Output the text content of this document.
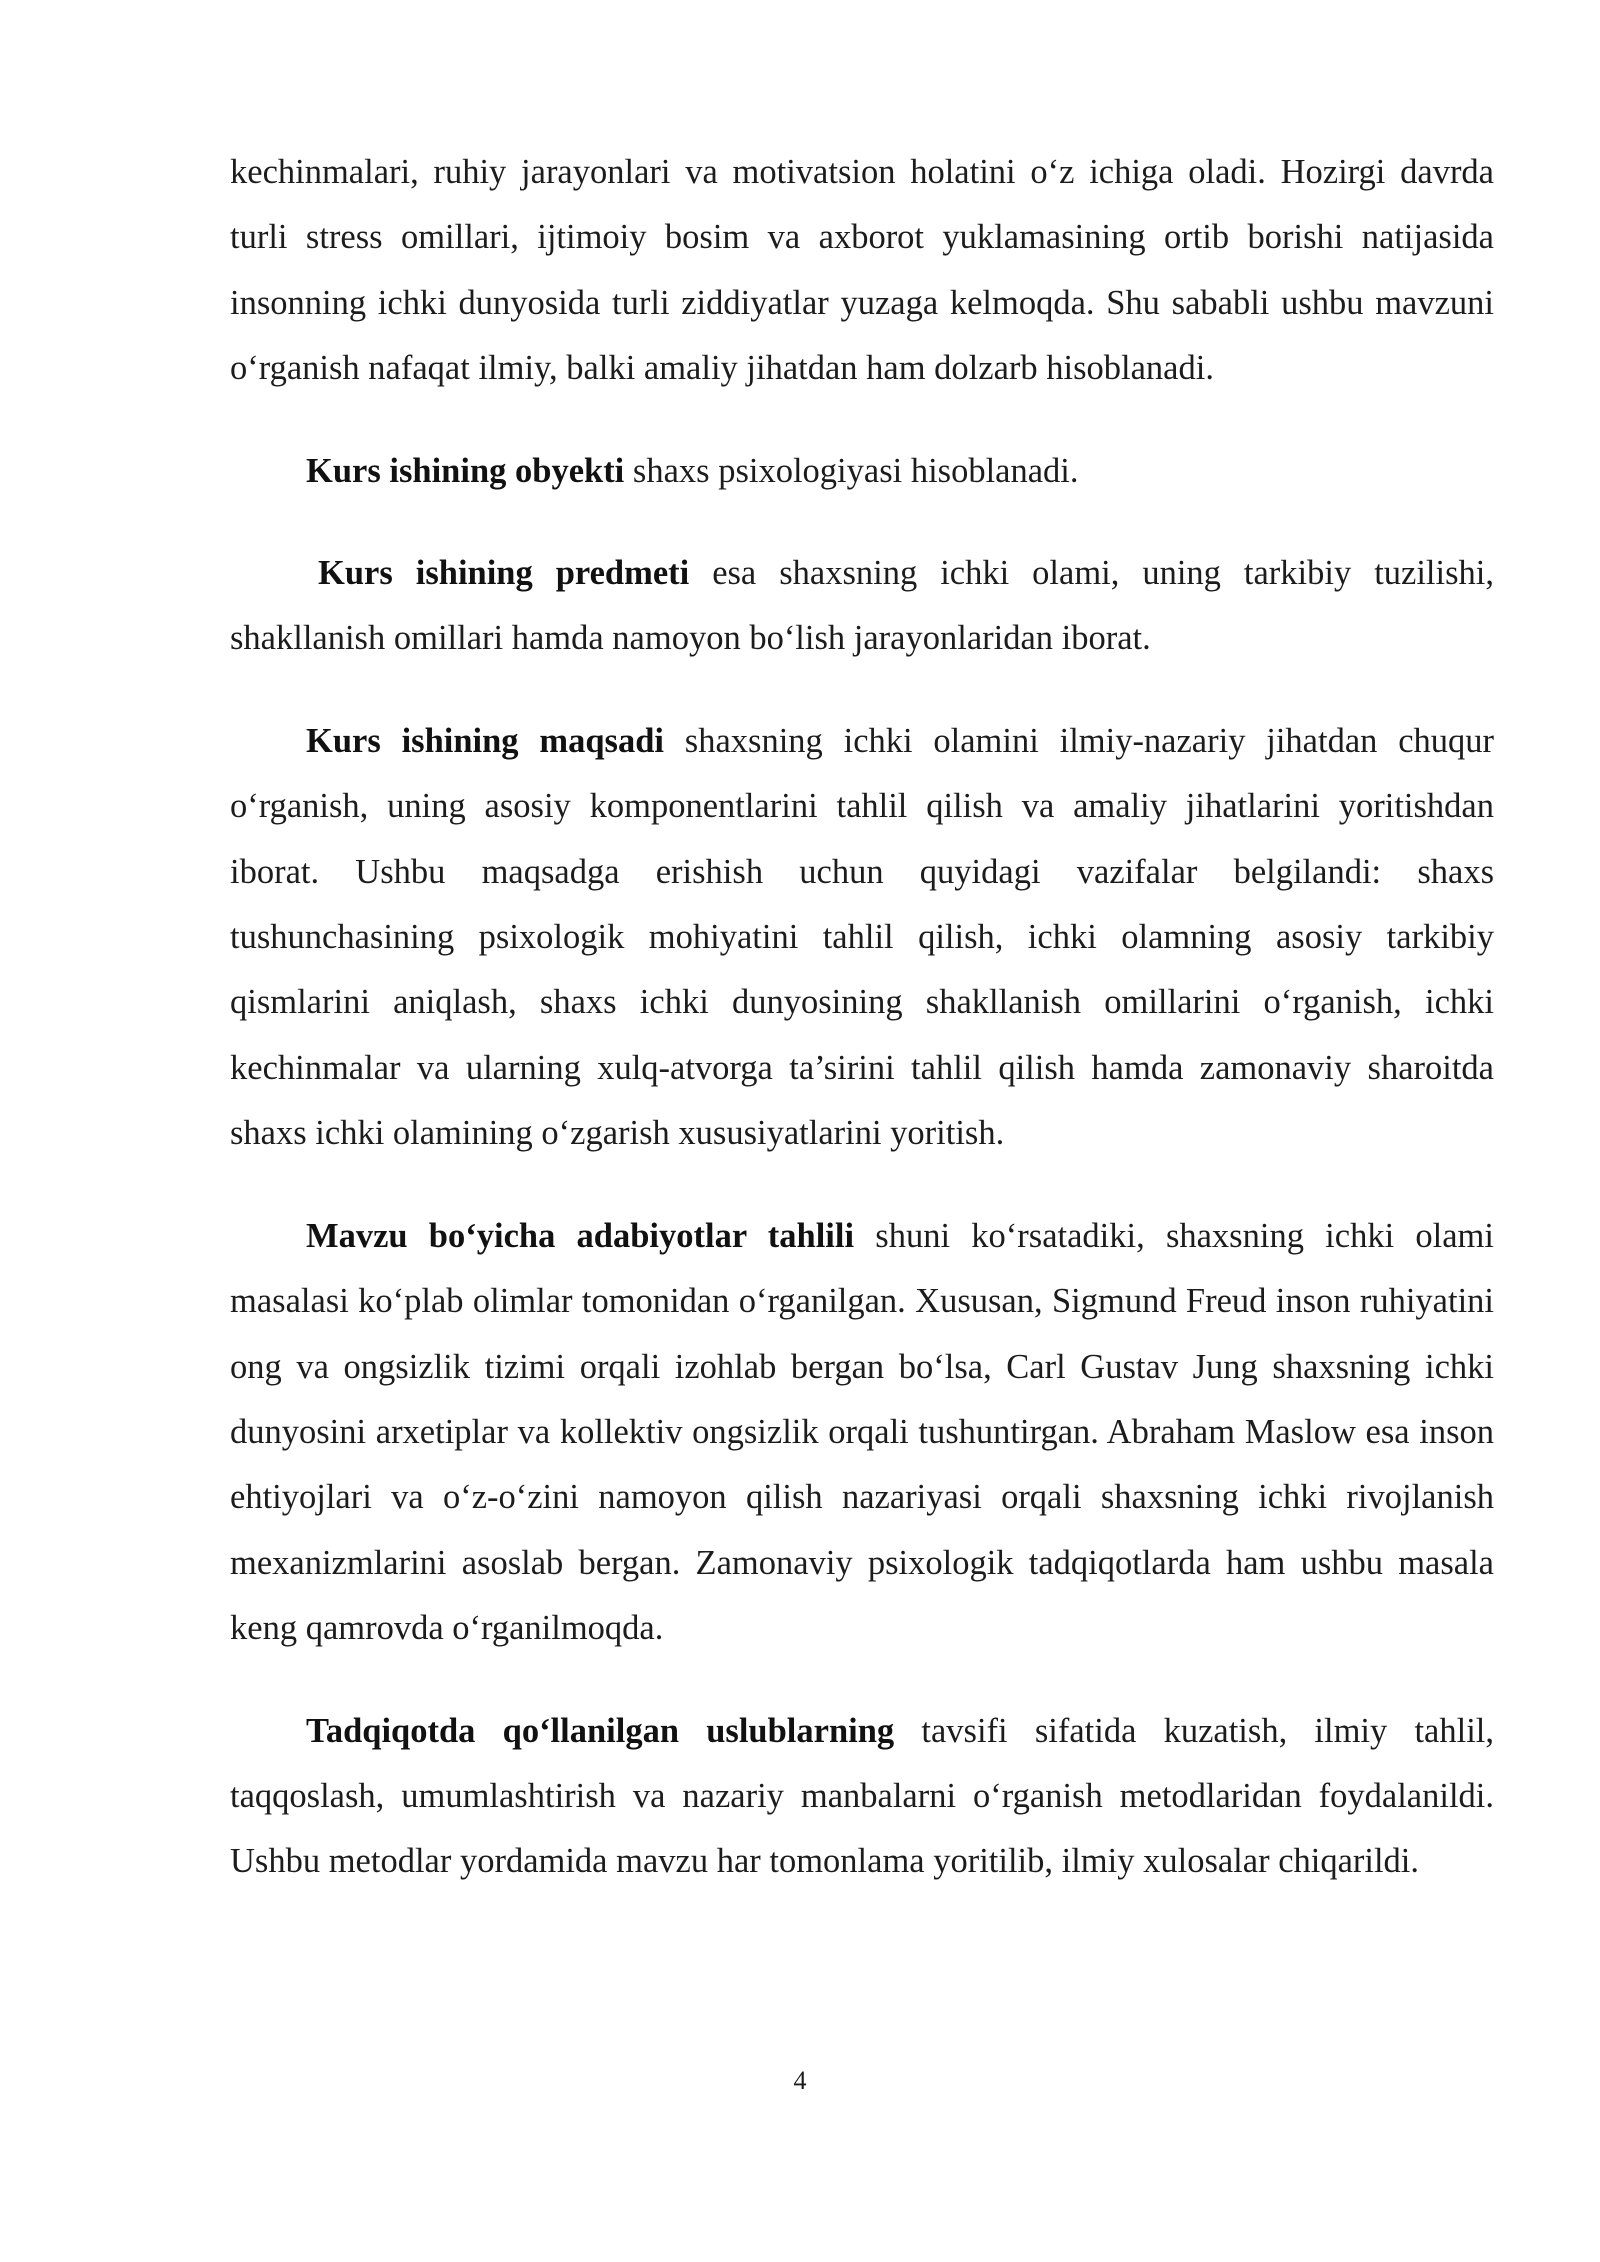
kechinmalari, ruhiy jarayonlari va motivatsion holatini o‘z ichiga oladi. Hozirgi davrda turli stress omillari, ijtimoiy bosim va axborot yuklamasining ortib borishi natijasida insonning ichki dunyosida turli ziddiyatlar yuzaga kelmoqda. Shu sababli ushbu mavzuni o‘rganish nafaqat ilmiy, balki amaliy jihatdan ham dolzarb hisoblanadi.

Kurs ishining obyekti shaxs psixologiyasi hisoblanadi.

Kurs ishining predmeti esa shaxsning ichki olami, uning tarkibiy tuzilishi, shakllanish omillari hamda namoyon bo‘lish jarayonlaridan iborat.

Kurs ishining maqsadi shaxsning ichki olamini ilmiy-nazariy jihatdan chuqur o‘rganish, uning asosiy komponentlarini tahlil qilish va amaliy jihatlarini yoritishdan iborat. Ushbu maqsadga erishish uchun quyidagi vazifalar belgilandi: shaxs tushunchasining psixologik mohiyatini tahlil qilish, ichki olamning asosiy tarkibiy qismlarini aniqlash, shaxs ichki dunyosining shakllanish omillarini o‘rganish, ichki kechinmalar va ularning xulq-atvorga ta’sirini tahlil qilish hamda zamonaviy sharoitda shaxs ichki olamining o‘zgarish xususiyatlarini yoritish.

Mavzu bo‘yicha adabiyotlar tahlili shuni ko‘rsatadiki, shaxsning ichki olami masalasi ko‘plab olimlar tomonidan o‘rganilgan. Xususan, Sigmund Freud inson ruhiyatini ong va ongsizlik tizimi orqali izohlab bergan bo‘lsa, Carl Gustav Jung shaxsning ichki dunyosini arxetiplar va kollektiv ongsizlik orqali tushuntirgan. Abraham Maslow esa inson ehtiyojlari va o‘z-o‘zini namoyon qilish nazariyasi orqali shaxsning ichki rivojlanish mexanizmlarini asoslab bergan. Zamonaviy psixologik tadqiqotlarda ham ushbu masala keng qamrovda o‘rganilmoqda.

Tadqiqotda qo‘llanilgan uslublarning tavsifi sifatida kuzatish, ilmiy tahlil, taqqoslash, umumlashtirish va nazariy manbalarni o‘rganish metodlaridan foydalanildi. Ushbu metodlar yordamida mavzu har tomonlama yoritilib, ilmiy xulosalar chiqarildi.

4
